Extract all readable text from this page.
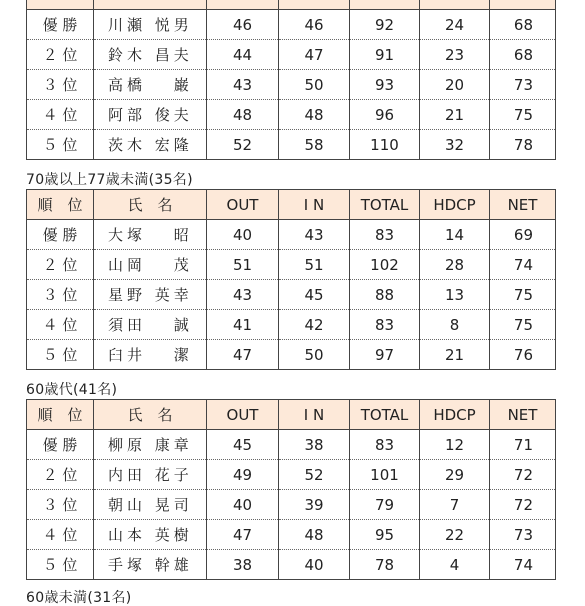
優 勝	川瀬 悦男	46	46	92	24	68
２ 位	鈴木 昌夫	44	47	91	23	68
３ 位	高橋　 巌	43	50	93	20	73
４ 位	阿部 俊夫	48	48	96	21	75
５ 位	茨木 宏隆	52	58	110	32	78
70歳以上77歳未満(35名)
順　位	氏　名	OUT	I N	TOTAL	HDCP	NET
優 勝	大塚　 昭	40	43	83	14	69
２ 位	山岡　 茂	51	51	102	28	74
３ 位	星野 英幸	43	45	88	13	75
４ 位	須田　 誠	41	42	83	8	75
５ 位	臼井　 潔	47	50	97	21	76
60歳代(41名)
順　位	氏　名	OUT	I N	TOTAL	HDCP	NET
優 勝	柳原 康章	45	38	83	12	71
２ 位	内田 花子	49	52	101	29	72
３ 位	朝山 晃司	40	39	79	7	72
４ 位	山本 英樹	47	48	95	22	73
５ 位	手塚 幹雄	38	40	78	4	74
60歳未満(31名)
